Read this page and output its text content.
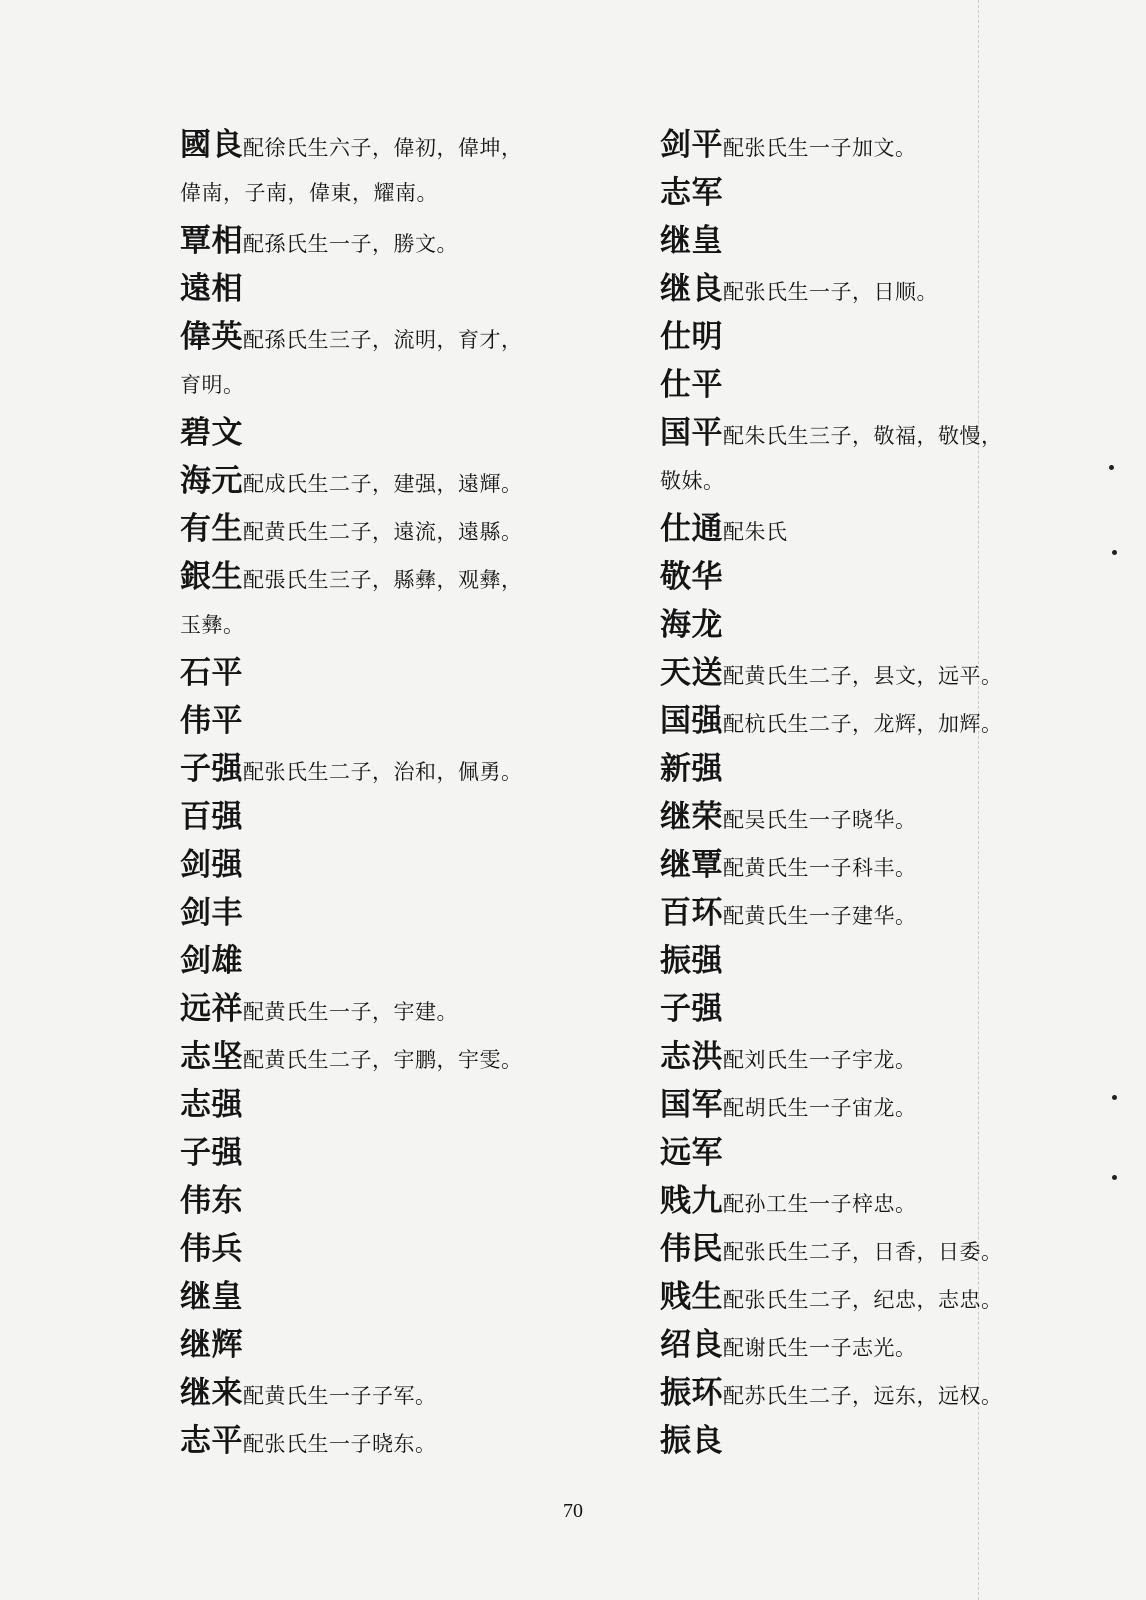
國良配徐氏生六子，偉初，偉坤，
偉南，子南，偉東，耀南。
覃相配孫氏生一子，勝文。
遠相
偉英配孫氏生三子，流明，育才，
育明。
碧文
海元配成氏生二子，建强，遠輝。
有生配黄氏生二子，遠流，遠縣。
銀生配張氏生三子，縣彝，观彝，
玉彝。
石平
伟平
子强配张氏生二子，治和，佩勇。
百强
剑强
剑丰
剑雄
远祥配黄氏生一子，宇建。
志坚配黄氏生二子，宇鹏，宇雯。
志强
子强
伟东
伟兵
继皇
继辉
继来配黄氏生一子子军。
志平配张氏生一子晓东。
剑平配张氏生一子加文。
志军
继皇
继良配张氏生一子，日顺。
仕明
仕平
国平配朱氏生三子，敬福，敬慢，
敬妹。
仕通配朱氏
敬华
海龙
天送配黄氏生二子，县文，远平。
国强配杭氏生二子，龙辉，加辉。
新强
继荣配吴氏生一子晓华。
继覃配黄氏生一子科丰。
百环配黄氏生一子建华。
振强
子强
志洪配刘氏生一子宇龙。
国军配胡氏生一子宙龙。
远军
贱九配孙工生一子梓忠。
伟民配张氏生二子，日香，日委。
贱生配张氏生二子，纪忠，志忠。
绍良配谢氏生一子志光。
振环配苏氏生二子，远东，远权。
振良
70
